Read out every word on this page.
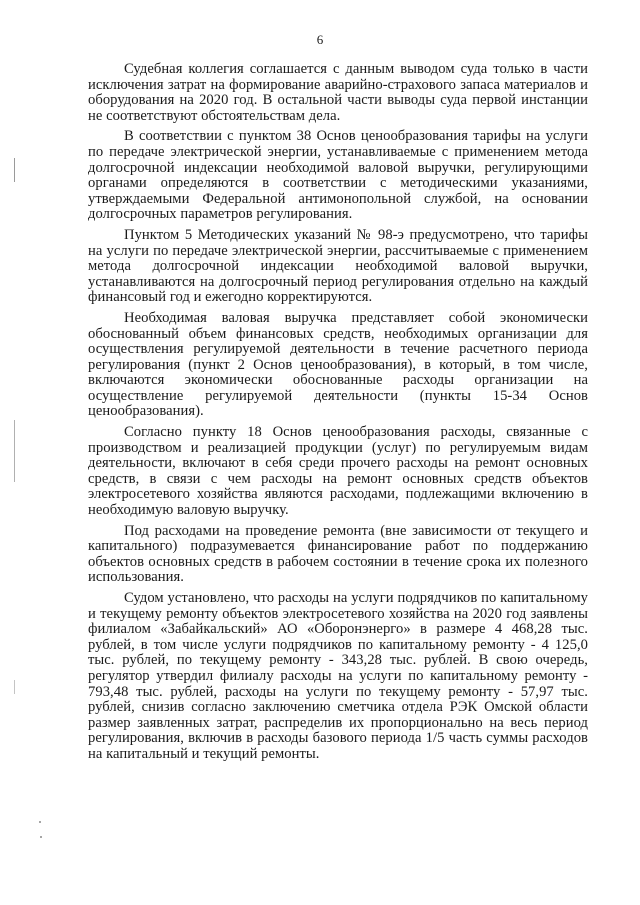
6

Судебная коллегия соглашается с данным выводом суда только в части исключения затрат на формирование аварийно-страхового запаса материалов и оборудования на 2020 год. В остальной части выводы суда первой инстанции не соответствуют обстоятельствам дела.

В соответствии с пунктом 38 Основ ценообразования тарифы на услуги по передаче электрической энергии, устанавливаемые с применением метода долгосрочной индексации необходимой валовой выручки, регулирующими органами определяются в соответствии с методическими указаниями, утверждаемыми Федеральной антимонопольной службой, на основании долгосрочных параметров регулирования.

Пунктом 5 Методических указаний № 98-э предусмотрено, что тарифы на услуги по передаче электрической энергии, рассчитываемые с применением метода долгосрочной индексации необходимой валовой выручки, устанавливаются на долгосрочный период регулирования отдельно на каждый финансовый год и ежегодно корректируются.

Необходимая валовая выручка представляет собой экономически обоснованный объем финансовых средств, необходимых организации для осуществления регулируемой деятельности в течение расчетного периода регулирования (пункт 2 Основ ценообразования), в который, в том числе, включаются экономически обоснованные расходы организации на осуществление регулируемой деятельности (пункты 15-34 Основ ценообразования).

Согласно пункту 18 Основ ценообразования расходы, связанные с производством и реализацией продукции (услуг) по регулируемым видам деятельности, включают в себя среди прочего расходы на ремонт основных средств, в связи с чем расходы на ремонт основных средств объектов электросетевого хозяйства являются расходами, подлежащими включению в необходимую валовую выручку.

Под расходами на проведение ремонта (вне зависимости от текущего и капитального) подразумевается финансирование работ по поддержанию объектов основных средств в рабочем состоянии в течение срока их полезного использования.

Судом установлено, что расходы на услуги подрядчиков по капитальному и текущему ремонту объектов электросетевого хозяйства на 2020 год заявлены филиалом «Забайкальский» АО «Оборонэнерго» в размере 4 468,28 тыс. рублей, в том числе услуги подрядчиков по капитальному ремонту - 4 125,0 тыс. рублей, по текущему ремонту - 343,28 тыс. рублей. В свою очередь, регулятор утвердил филиалу расходы на услуги по капитальному ремонту - 793,48 тыс. рублей, расходы на услуги по текущему ремонту - 57,97 тыс. рублей, снизив согласно заключению сметчика отдела РЭК Омской области размер заявленных затрат, распределив их пропорционально на весь период регулирования, включив в расходы базового периода 1/5 часть суммы расходов на капитальный и текущий ремонты.
